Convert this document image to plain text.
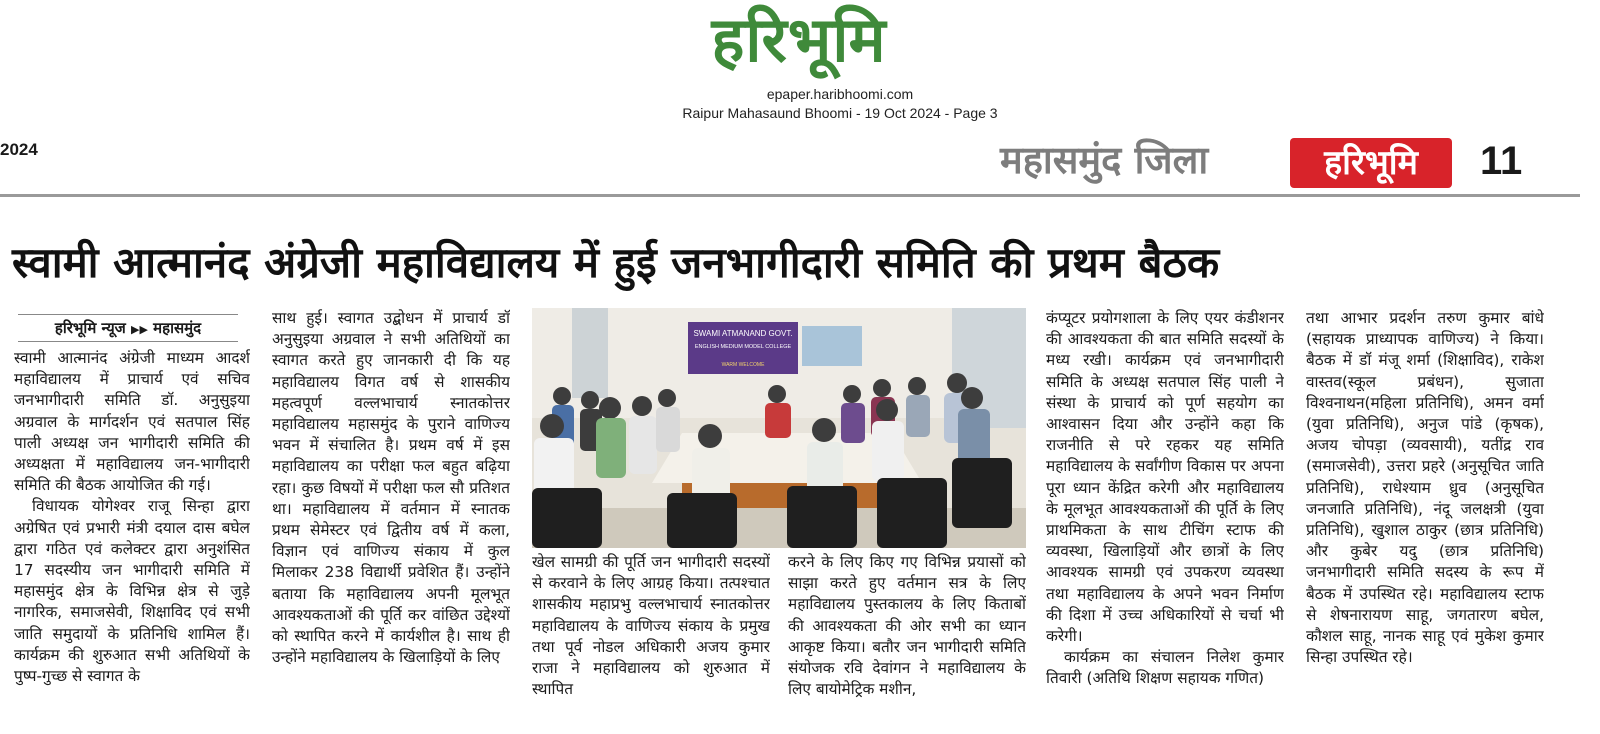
हरिभूमि
epaper.haribhoomi.com
Raipur Mahasaund Bhoomi - 19 Oct 2024 - Page 3
2024	महासमुंद जिला	हरिभूमि	11
स्वामी आत्मानंद अंग्रेजी महाविद्यालय में हुई जनभागीदारी समिति की प्रथम बैठक
हरिभूमि न्यूज ▶▶ महासमुंद

स्वामी आत्मानंद अंग्रेजी माध्यम आदर्श महाविद्यालय में प्राचार्य एवं सचिव जनभागीदारी समिति डॉ. अनुसुइया अग्रवाल के मार्गदर्शन एवं सतपाल सिंह पाली अध्यक्ष जन भागीदारी समिति की अध्यक्षता में महाविद्यालय जन-भागीदारी समिति की बैठक आयोजित की गई।

विधायक योगेश्वर राजू सिन्हा द्वारा अग्रेषित एवं प्रभारी मंत्री दयाल दास बघेल द्वारा गठित एवं कलेक्टर द्वारा अनुशंसित 17 सदस्यीय जन भागीदारी समिति में महासमुंद क्षेत्र के विभिन्न क्षेत्र से जुड़े नागरिक, समाजसेवी, शिक्षाविद एवं सभी जाति समुदायों के प्रतिनिधि शामिल हैं। कार्यक्रम की शुरुआत सभी अतिथियों के पुष्प-गुच्छ से स्वागत के

साथ हुई। स्वागत उद्बोधन में प्राचार्य डॉ अनुसुइया अग्रवाल ने सभी अतिथियों का स्वागत करते हुए जानकारी दी कि यह महाविद्यालय विगत वर्ष से शासकीय महत्वपूर्ण वल्लभाचार्य स्नातकोत्तर महाविद्यालय महासमुंद के पुराने वाणिज्य भवन में संचालित है। प्रथम वर्ष में इस महाविद्यालय का परीक्षा फल बहुत बढ़िया रहा। कुछ विषयों में परीक्षा फल सौ प्रतिशत था। महाविद्यालय में वर्तमान में स्नातक प्रथम सेमेस्टर एवं द्वितीय वर्ष में कला, विज्ञान एवं वाणिज्य संकाय में कुल मिलाकर 238 विद्यार्थी प्रवेशित हैं। उन्होंने बताया कि महाविद्यालय अपनी मूलभूत आवश्यकताओं की पूर्ति कर वांछित उद्देश्यों को स्थापित करने में कार्यशील है। साथ ही उन्होंने महाविद्यालय के खिलाड़ियों के लिए

SWAMI ATMANAND GOVT.
ENGLISH MEDIUM MODEL COLLEGE
WARM WELCOME

खेल सामग्री की पूर्ति जन भागीदारी सदस्यों से करवाने के लिए आग्रह किया। तत्पश्चात शासकीय महाप्रभु वल्लभाचार्य स्नातकोत्तर महाविद्यालय के वाणिज्य संकाय के प्रमुख तथा पूर्व नोडल अधिकारी अजय कुमार राजा ने महाविद्यालय को शुरुआत में स्थापित

करने के लिए किए गए विभिन्न प्रयासों को साझा करते हुए वर्तमान सत्र के लिए महाविद्यालय पुस्तकालय के लिए किताबों की आवश्यकता की ओर सभी का ध्यान आकृष्ट किया। बतौर जन भागीदारी समिति संयोजक रवि देवांगन ने महाविद्यालय के लिए बायोमेट्रिक मशीन,

कंप्यूटर प्रयोगशाला के लिए एयर कंडीशनर की आवश्यकता की बात समिति सदस्यों के मध्य रखी। कार्यक्रम एवं जनभागीदारी समिति के अध्यक्ष सतपाल सिंह पाली ने संस्था के प्राचार्य को पूर्ण सहयोग का आश्वासन दिया और उन्होंने कहा कि राजनीति से परे रहकर यह समिति महाविद्यालय के सर्वांगीण विकास पर अपना पूरा ध्यान केंद्रित करेगी और महाविद्यालय के मूलभूत आवश्यकताओं की पूर्ति के लिए प्राथमिकता के साथ टीचिंग स्टाफ की व्यवस्था, खिलाड़ियों और छात्रों के लिए आवश्यक सामग्री एवं उपकरण व्यवस्था तथा महाविद्यालय के अपने भवन निर्माण की दिशा में उच्च अधिकारियों से चर्चा भी करेगी।

कार्यक्रम का संचालन निलेश कुमार तिवारी (अतिथि शिक्षण सहायक गणित)

तथा आभार प्रदर्शन तरुण कुमार बांधे (सहायक प्राध्यापक वाणिज्य) ने किया। बैठक में डॉ मंजू शर्मा (शिक्षाविद), राकेश वास्तव(स्कूल प्रबंधन), सुजाता विश्वनाथन(महिला प्रतिनिधि), अमन वर्मा (युवा प्रतिनिधि), अनुज पांडे (कृषक), अजय चोपड़ा (व्यवसायी), यतींद्र राव (समाजसेवी), उत्तरा प्रहरे (अनुसूचित जाति प्रतिनिधि), राधेश्याम ध्रुव (अनुसूचित जनजाति प्रतिनिधि), नंदू जलक्षत्री (युवा प्रतिनिधि), खुशाल ठाकुर (छात्र प्रतिनिधि) और कुबेर यदु (छात्र प्रतिनिधि) जनभागीदारी समिति सदस्य के रूप में बैठक में उपस्थित रहे। महाविद्यालय स्टाफ से शेषनारायण साहू, जगतारण बघेल, कौशल साहू, नानक साहू एवं मुकेश कुमार सिन्हा उपस्थित रहे।
